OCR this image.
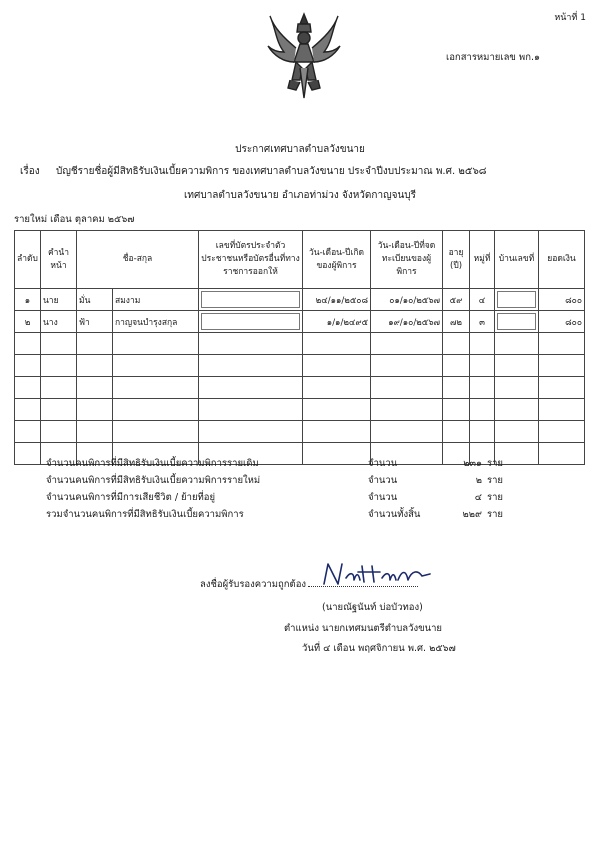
หน้าที่ 1
เอกสารหมายเลข พก.๑
ประกาศเทศบาลตำบลวังขนาย
เรื่อง บัญชีรายชื่อผู้มีสิทธิรับเงินเบี้ยความพิการ ของเทศบาลตำบลวังขนาย ประจำปีงบประมาณ พ.ศ. ๒๕๖๘
เทศบาลตำบลวังขนาย อำเภอท่าม่วง จังหวัดกาญจนบุรี
รายใหม่ เดือน ตุลาคม ๒๕๖๗
ลำดับ	คำนำหน้า	ชื่อ-สกุล		เลขที่บัตรประจำตัวประชาชนหรือบัตรอื่นที่ทางราชการออกให้	วัน-เดือน-ปีเกิดของผู้พิการ	วัน-เดือน-ปีที่จดทะเบียนของผู้พิการ	อายุ (ปี)	หมู่ที่	บ้านเลขที่	ยอดเงิน
๑	นาย	มั่น	สมงาม		๒๔/๑๑/๒๕๐๘	๐๑/๑๐/๒๕๖๗	๕๙	๔		๘๐๐
๒	นาง	ฟ้า	กาญจนบำรุงสกุล		๑/๑/๒๔๙๕	๑๙/๑๐/๒๕๖๗	๗๒	๓		๘๐๐

จำนวนคนพิการที่มีสิทธิรับเงินเบี้ยความพิการรายเดิม	จำนวน	๒๓๑ ราย
จำนวนคนพิการที่มีสิทธิรับเงินเบี้ยความพิการรายใหม่	จำนวน	๒ ราย
จำนวนคนพิการที่มีการเสียชีวิต / ย้ายที่อยู่	จำนวน	๔ ราย
รวมจำนวนคนพิการที่มีสิทธิรับเงินเบี้ยความพิการ	จำนวนทั้งสิ้น	๒๒๙ ราย
ลงชื่อผู้รับรองความถูกต้อง
(นายณัฐนันท์ บ่อบัวทอง)
ตำแหน่ง นายกเทศมนตรีตำบลวังขนาย
วันที่ ๔ เดือน พฤศจิกายน พ.ศ. ๒๕๖๗
